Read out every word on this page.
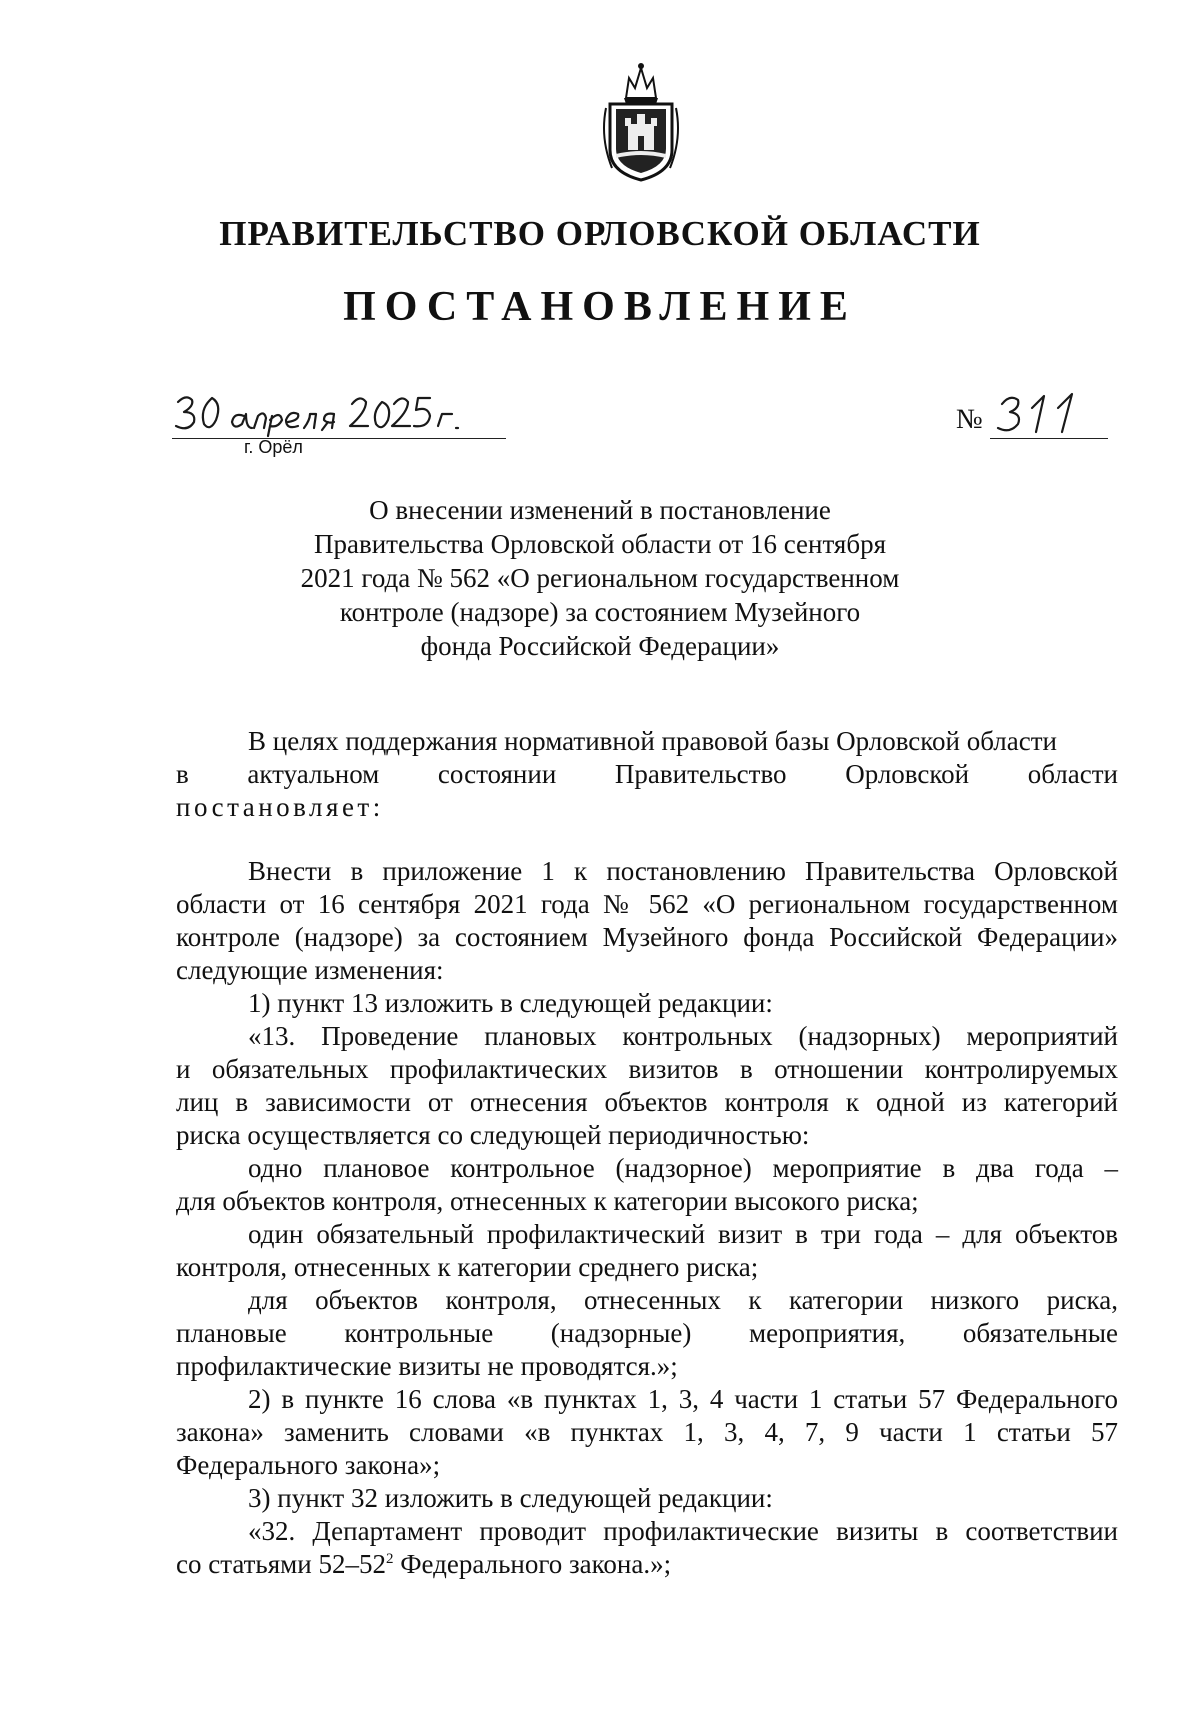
ПРАВИТЕЛЬСТВО ОРЛОВСКОЙ ОБЛАСТИ
ПОСТАНОВЛЕНИЕ
г. Орёл
№
О внесении изменений в постановление
Правительства Орловской области от 16 сентября
2021 года № 562 «О региональном государственном
контроле (надзоре) за состоянием Музейного
фонда Российской Федерации»
В целях поддержания нормативной правовой базы Орловской области
в актуальном состоянии Правительство Орловской области
постановляет:
Внести в приложение 1 к постановлению Правительства Орловской
области от 16 сентября 2021 года № 562 «О региональном государственном
контроле (надзоре) за состоянием Музейного фонда Российской Федерации»
следующие изменения:
1) пункт 13 изложить в следующей редакции:
«13. Проведение плановых контрольных (надзорных) мероприятий
и обязательных профилактических визитов в отношении контролируемых
лиц в зависимости от отнесения объектов контроля к одной из категорий
риска осуществляется со следующей периодичностью:
одно плановое контрольное (надзорное) мероприятие в два года –
для объектов контроля, отнесенных к категории высокого риска;
один обязательный профилактический визит в три года – для объектов
контроля, отнесенных к категории среднего риска;
для объектов контроля, отнесенных к категории низкого риска,
плановые контрольные (надзорные) мероприятия, обязательные
профилактические визиты не проводятся.»;
2) в пункте 16 слова «в пунктах 1, 3, 4 части 1 статьи 57 Федерального
закона» заменить словами «в пунктах 1, 3, 4, 7, 9 части 1 статьи 57
Федерального закона»;
3) пункт 32 изложить в следующей редакции:
«32. Департамент проводит профилактические визиты в соответствии
со статьями $52-52^2$ Федерального закона.»;
